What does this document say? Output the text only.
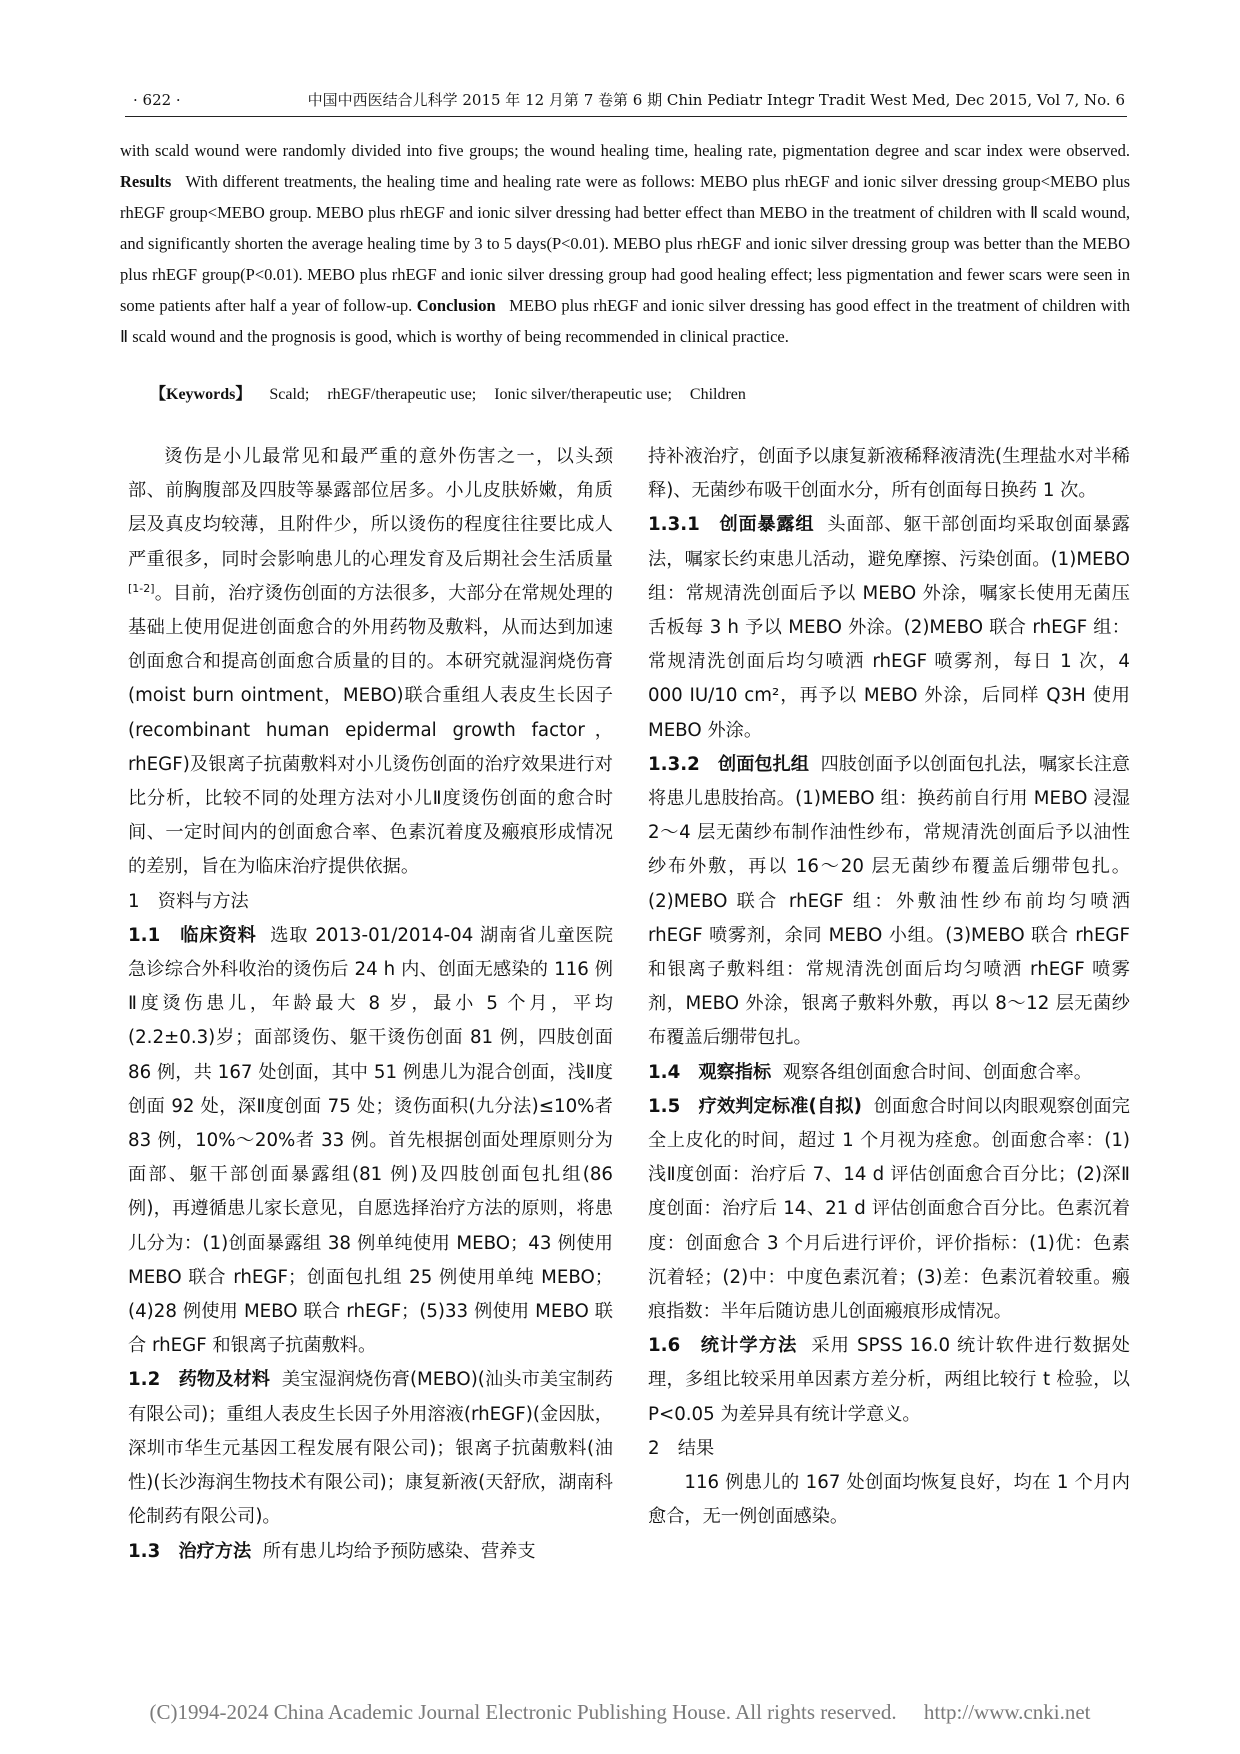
· 622 ·	中国中西医结合儿科学 2015 年 12 月第 7 卷第 6 期 Chin Pediatr Integr Tradit West Med, Dec 2015, Vol 7, No. 6
with scald wound were randomly divided into five groups; the wound healing time, healing rate, pigmentation degree and scar index were observed. Results With different treatments, the healing time and healing rate were as follows: MEBO plus rhEGF and ionic silver dressing group<MEBO plus rhEGF group<MEBO group. MEBO plus rhEGF and ionic silver dressing had better effect than MEBO in the treatment of children with Ⅱ scald wound, and significantly shorten the average healing time by 3 to 5 days(P<0.01). MEBO plus rhEGF and ionic silver dressing group was better than the MEBO plus rhEGF group(P<0.01). MEBO plus rhEGF and ionic silver dressing group had good healing effect; less pigmentation and fewer scars were seen in some patients after half a year of follow-up. Conclusion MEBO plus rhEGF and ionic silver dressing has good effect in the treatment of children with Ⅱ scald wound and the prognosis is good, which is worthy of being recommended in clinical practice.
【Keywords】 Scald; rhEGF/therapeutic use; Ionic silver/therapeutic use; Children

烫伤是小儿最常见和最严重的意外伤害之一，以头颈部、前胸腹部及四肢等暴露部位居多。小儿皮肤娇嫩，角质层及真皮均较薄，且附件少，所以烫伤的程度往往要比成人严重很多，同时会影响患儿的心理发育及后期社会生活质量[1-2]。目前，治疗烫伤创面的方法很多，大部分在常规处理的基础上使用促进创面愈合的外用药物及敷料，从而达到加速创面愈合和提高创面愈合质量的目的。本研究就湿润烧伤膏(moist burn ointment，MEBO)联合重组人表皮生长因子(recombinant human epidermal growth factor，rhEGF)及银离子抗菌敷料对小儿烫伤创面的治疗效果进行对比分析，比较不同的处理方法对小儿Ⅱ度烫伤创面的愈合时间、一定时间内的创面愈合率、色素沉着度及瘢痕形成情况的差别，旨在为临床治疗提供依据。

1　资料与方法

1.1　临床资料 选取 2013-01/2014-04 湖南省儿童医院急诊综合外科收治的烫伤后 24 h 内、创面无感染的 116 例Ⅱ度烫伤患儿，年龄最大 8 岁，最小 5 个月，平均(2.2±0.3)岁；面部烫伤、躯干烫伤创面 81 例，四肢创面 86 例，共 167 处创面，其中 51 例患儿为混合创面，浅Ⅱ度创面 92 处，深Ⅱ度创面 75 处；烫伤面积(九分法)≤10%者 83 例，10%～20%者 33 例。首先根据创面处理原则分为面部、躯干部创面暴露组(81 例)及四肢创面包扎组(86 例)，再遵循患儿家长意见，自愿选择治疗方法的原则，将患儿分为：(1)创面暴露组 38 例单纯使用 MEBO；43 例使用 MEBO 联合 rhEGF；创面包扎组 25 例使用单纯 MEBO；(4)28 例使用 MEBO 联合 rhEGF；(5)33 例使用 MEBO 联合 rhEGF 和银离子抗菌敷料。

1.2　药物及材料 美宝湿润烧伤膏(MEBO)(汕头市美宝制药有限公司)；重组人表皮生长因子外用溶液(rhEGF)(金因肽，深圳市华生元基因工程发展有限公司)；银离子抗菌敷料(油性)(长沙海润生物技术有限公司)；康复新液(天舒欣，湖南科伦制药有限公司)。

1.3　治疗方法 所有患儿均给予预防感染、营养支

持补液治疗，创面予以康复新液稀释液清洗(生理盐水对半稀释)、无菌纱布吸干创面水分，所有创面每日换药 1 次。

1.3.1　创面暴露组 头面部、躯干部创面均采取创面暴露法，嘱家长约束患儿活动，避免摩擦、污染创面。(1)MEBO 组：常规清洗创面后予以 MEBO 外涂，嘱家长使用无菌压舌板每 3 h 予以 MEBO 外涂。(2)MEBO 联合 rhEGF 组：常规清洗创面后均匀喷洒 rhEGF 喷雾剂，每日 1 次，4 000 IU/10 cm²，再予以 MEBO 外涂，后同样 Q3H 使用 MEBO 外涂。

1.3.2　创面包扎组 四肢创面予以创面包扎法，嘱家长注意将患儿患肢抬高。(1)MEBO 组：换药前自行用 MEBO 浸湿 2～4 层无菌纱布制作油性纱布，常规清洗创面后予以油性纱布外敷，再以 16～20 层无菌纱布覆盖后绷带包扎。(2)MEBO 联合 rhEGF 组：外敷油性纱布前均匀喷洒 rhEGF 喷雾剂，余同 MEBO 小组。(3)MEBO 联合 rhEGF 和银离子敷料组：常规清洗创面后均匀喷洒 rhEGF 喷雾剂，MEBO 外涂，银离子敷料外敷，再以 8～12 层无菌纱布覆盖后绷带包扎。

1.4　观察指标 观察各组创面愈合时间、创面愈合率。

1.5　疗效判定标准(自拟) 创面愈合时间以肉眼观察创面完全上皮化的时间，超过 1 个月视为痊愈。创面愈合率：(1)浅Ⅱ度创面：治疗后 7、14 d 评估创面愈合百分比；(2)深Ⅱ度创面：治疗后 14、21 d 评估创面愈合百分比。色素沉着度：创面愈合 3 个月后进行评价，评价指标：(1)优：色素沉着轻；(2)中：中度色素沉着；(3)差：色素沉着较重。瘢痕指数：半年后随访患儿创面瘢痕形成情况。

1.6　统计学方法 采用 SPSS 16.0 统计软件进行数据处理，多组比较采用单因素方差分析，两组比较行 t 检验，以 P<0.05 为差异具有统计学意义。

2　结果

116 例患儿的 167 处创面均恢复良好，均在 1 个月内愈合，无一例创面感染。

(C)1994-2024 China Academic Journal Electronic Publishing House. All rights reserved. http://www.cnki.net
